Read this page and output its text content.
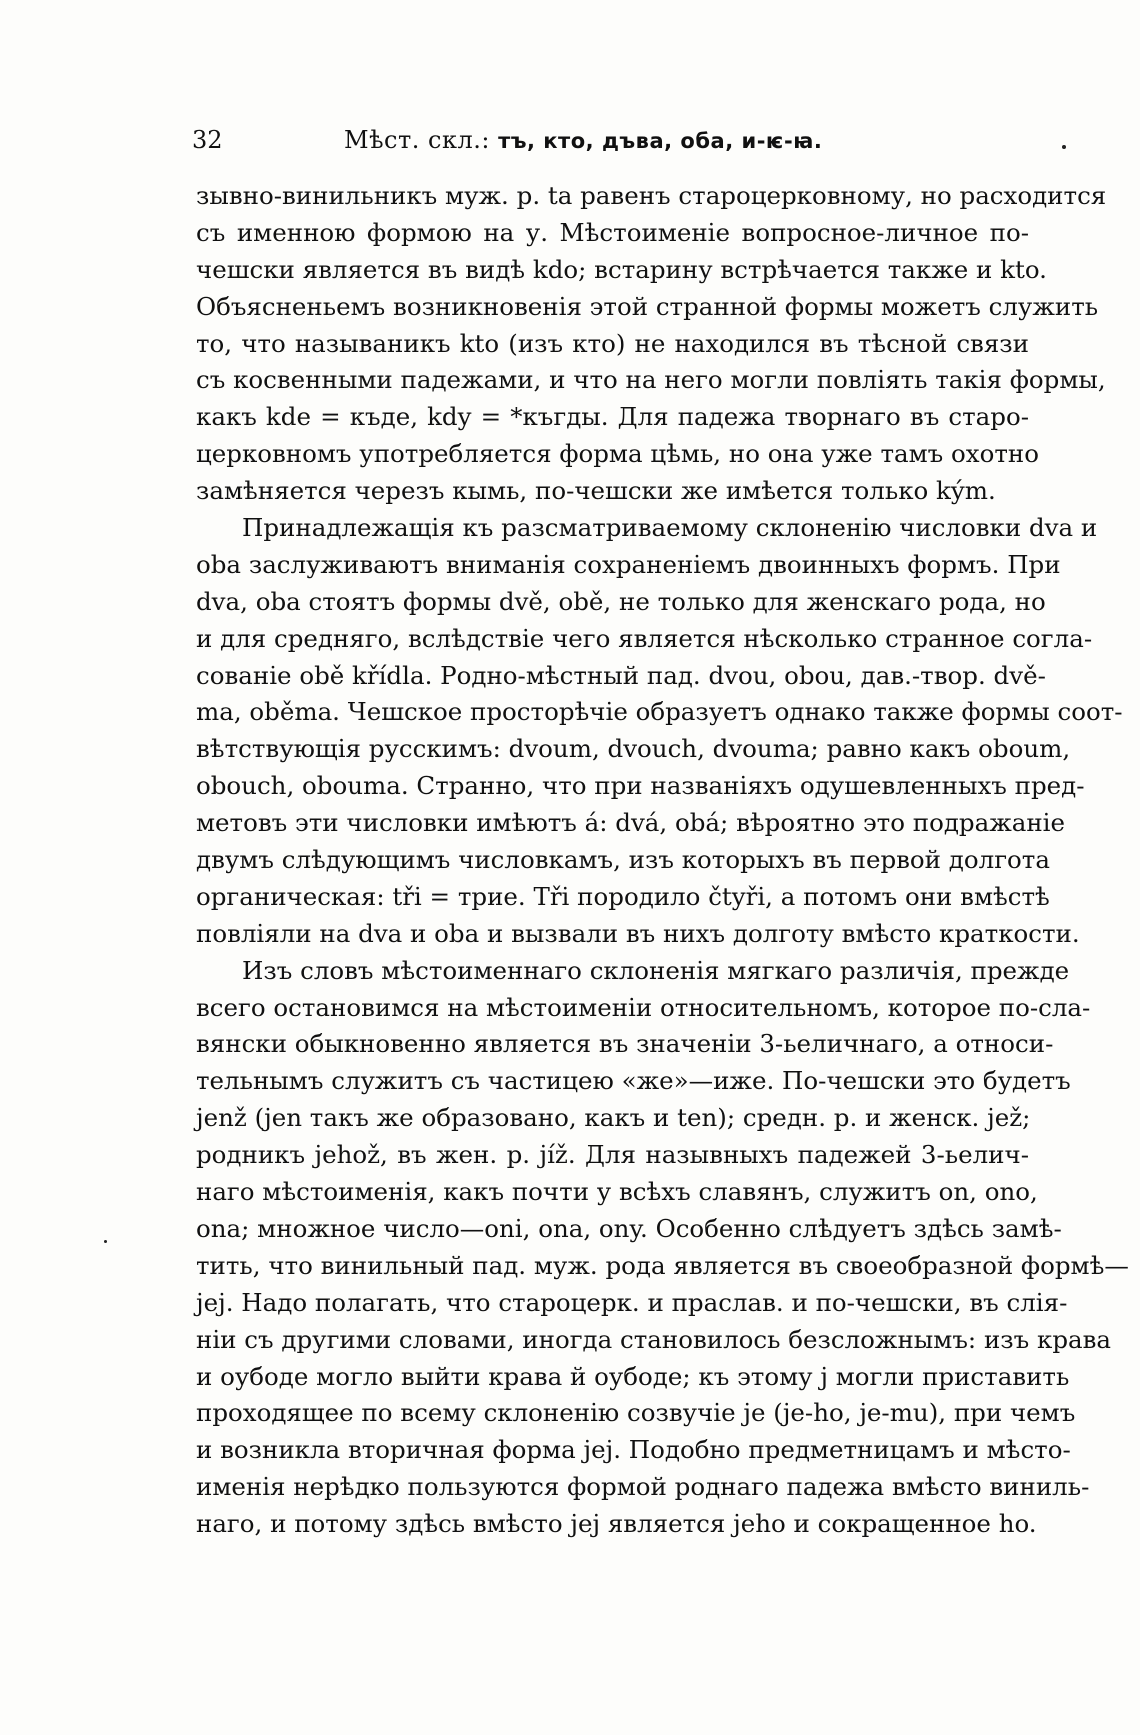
32	Мѣст. скл.: тъ, кто, дъва, оба, и-ѥ-ꙗ.
зывно-винильникъ муж. р. ta равенъ староцерковному, но расходится
съ именною формою на у. Мѣстоименіе вопросное-личное по-
чешски является въ видѣ kdo; встарину встрѣчается также и kto.
Объясненьемъ возникновенія этой странной формы можетъ служить
то, что называникъ kto (изъ кто) не находился въ тѣсной связи
съ косвенными падежами, и что на него могли повліять такія формы,
какъ kde = къде, kdy = *къгды. Для падежа творнаго въ старо-
церковномъ употребляется форма цѣмь, но она уже тамъ охотно
замѣняется черезъ кымь, по-чешски же имѣется только kým.
Принадлежащія къ разсматриваемому склоненію числовки dva и
oba заслуживаютъ вниманія сохраненіемъ двоинныхъ формъ. При
dva, oba стоятъ формы dvě, obě, не только для женскаго рода, но
и для средняго, вслѣдствіе чего является нѣсколько странное согла-
сованіе obě křídla. Родно-мѣстный пад. dvou, obou, дав.-твор. dvě-
ma, oběma. Чешское просторѣчіе образуетъ однако также формы соот-
вѣтствующія русскимъ: dvoum, dvouch, dvouma; равно какъ oboum,
obouch, obouma. Странно, что при названіяхъ одушевленныхъ пред-
метовъ эти числовки имѣютъ á: dvá, obá; вѣроятно это подражаніе
двумъ слѣдующимъ числовкамъ, изъ которыхъ въ первой долгота
органическая: tři = трие. Tři породило čtyři, а потомъ они вмѣстѣ
повліяли на dva и oba и вызвали въ нихъ долготу вмѣсто краткости.
Изъ словъ мѣстоименнаго склоненія мягкаго различія, прежде
всего остановимся на мѣстоименіи относительномъ, которое по-сла-
вянски обыкновенно является въ значеніи 3-ьеличнаго, а относи-
тельнымъ служитъ съ частицею «же»—иже. По-чешски это будетъ
jenž (jen такъ же образовано, какъ и ten); средн. р. и женск. jež;
родникъ jehož, въ жен. р. jíž. Для назывныхъ падежей 3-ьелич-
наго мѣстоименія, какъ почти у всѣхъ славянъ, служитъ on, ono,
ona; множное число—oni, ona, ony. Особенно слѣдуетъ здѣсь замѣ-
тить, что винильный пад. муж. рода является въ своеобразной формѣ—
jej. Надо полагать, что староцерк. и праслав. и по-чешски, въ слія-
ніи съ другими словами, иногда становилось безсложнымъ: изъ крава
и оубоде могло выйти крава й оубоде; къ этому j могли приставить
проходящее по всему склоненію созвучіе je (je-ho, je-mu), при чемъ
и возникла вторичная форма jej. Подобно предметницамъ и мѣсто-
именія нерѣдко пользуются формой роднаго падежа вмѣсто виниль-
наго, и потому здѣсь вмѣсто jej является jeho и сокращенное ho.
